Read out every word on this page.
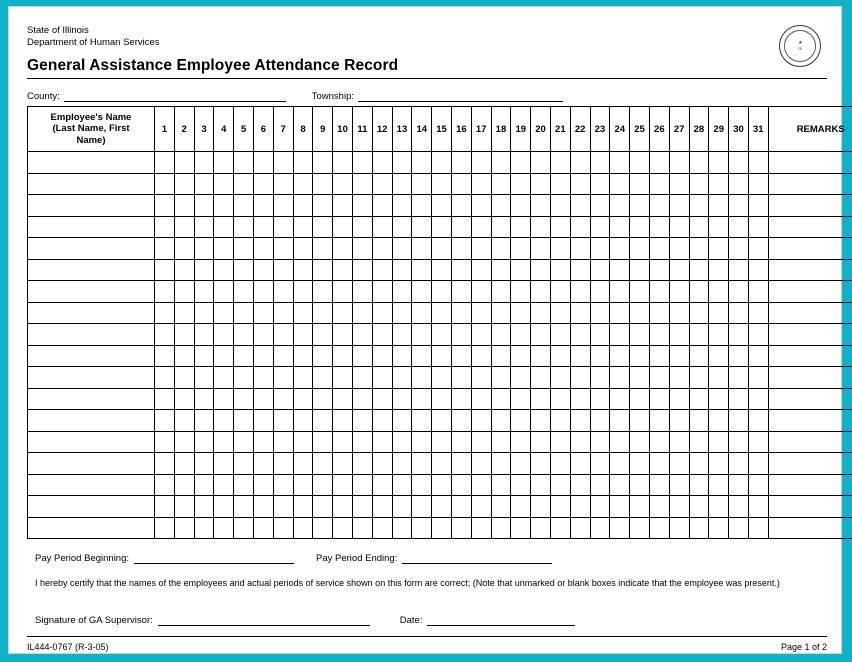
State of Illinois
Department of Human Services
General Assistance Employee Attendance Record
★
IL
County:	Township:
Employee's Name
(Last Name, First
Name)	1	2	3	4	5	6	7	8	9	10	11	12	13	14	15	16	17	18	19	20	21	22	23	24	25	26	27	28	29	30	31	REMARKS

Pay Period Beginning:	Pay Period Ending:
I hereby certify that the names of the employees and actual periods of service shown on this form are correct; (Note that unmarked or blank boxes indicate that the employee was present.)
Signature of GA Supervisor:	Date:
IL444-0767 (R-3-05)	Page 1 of 2
